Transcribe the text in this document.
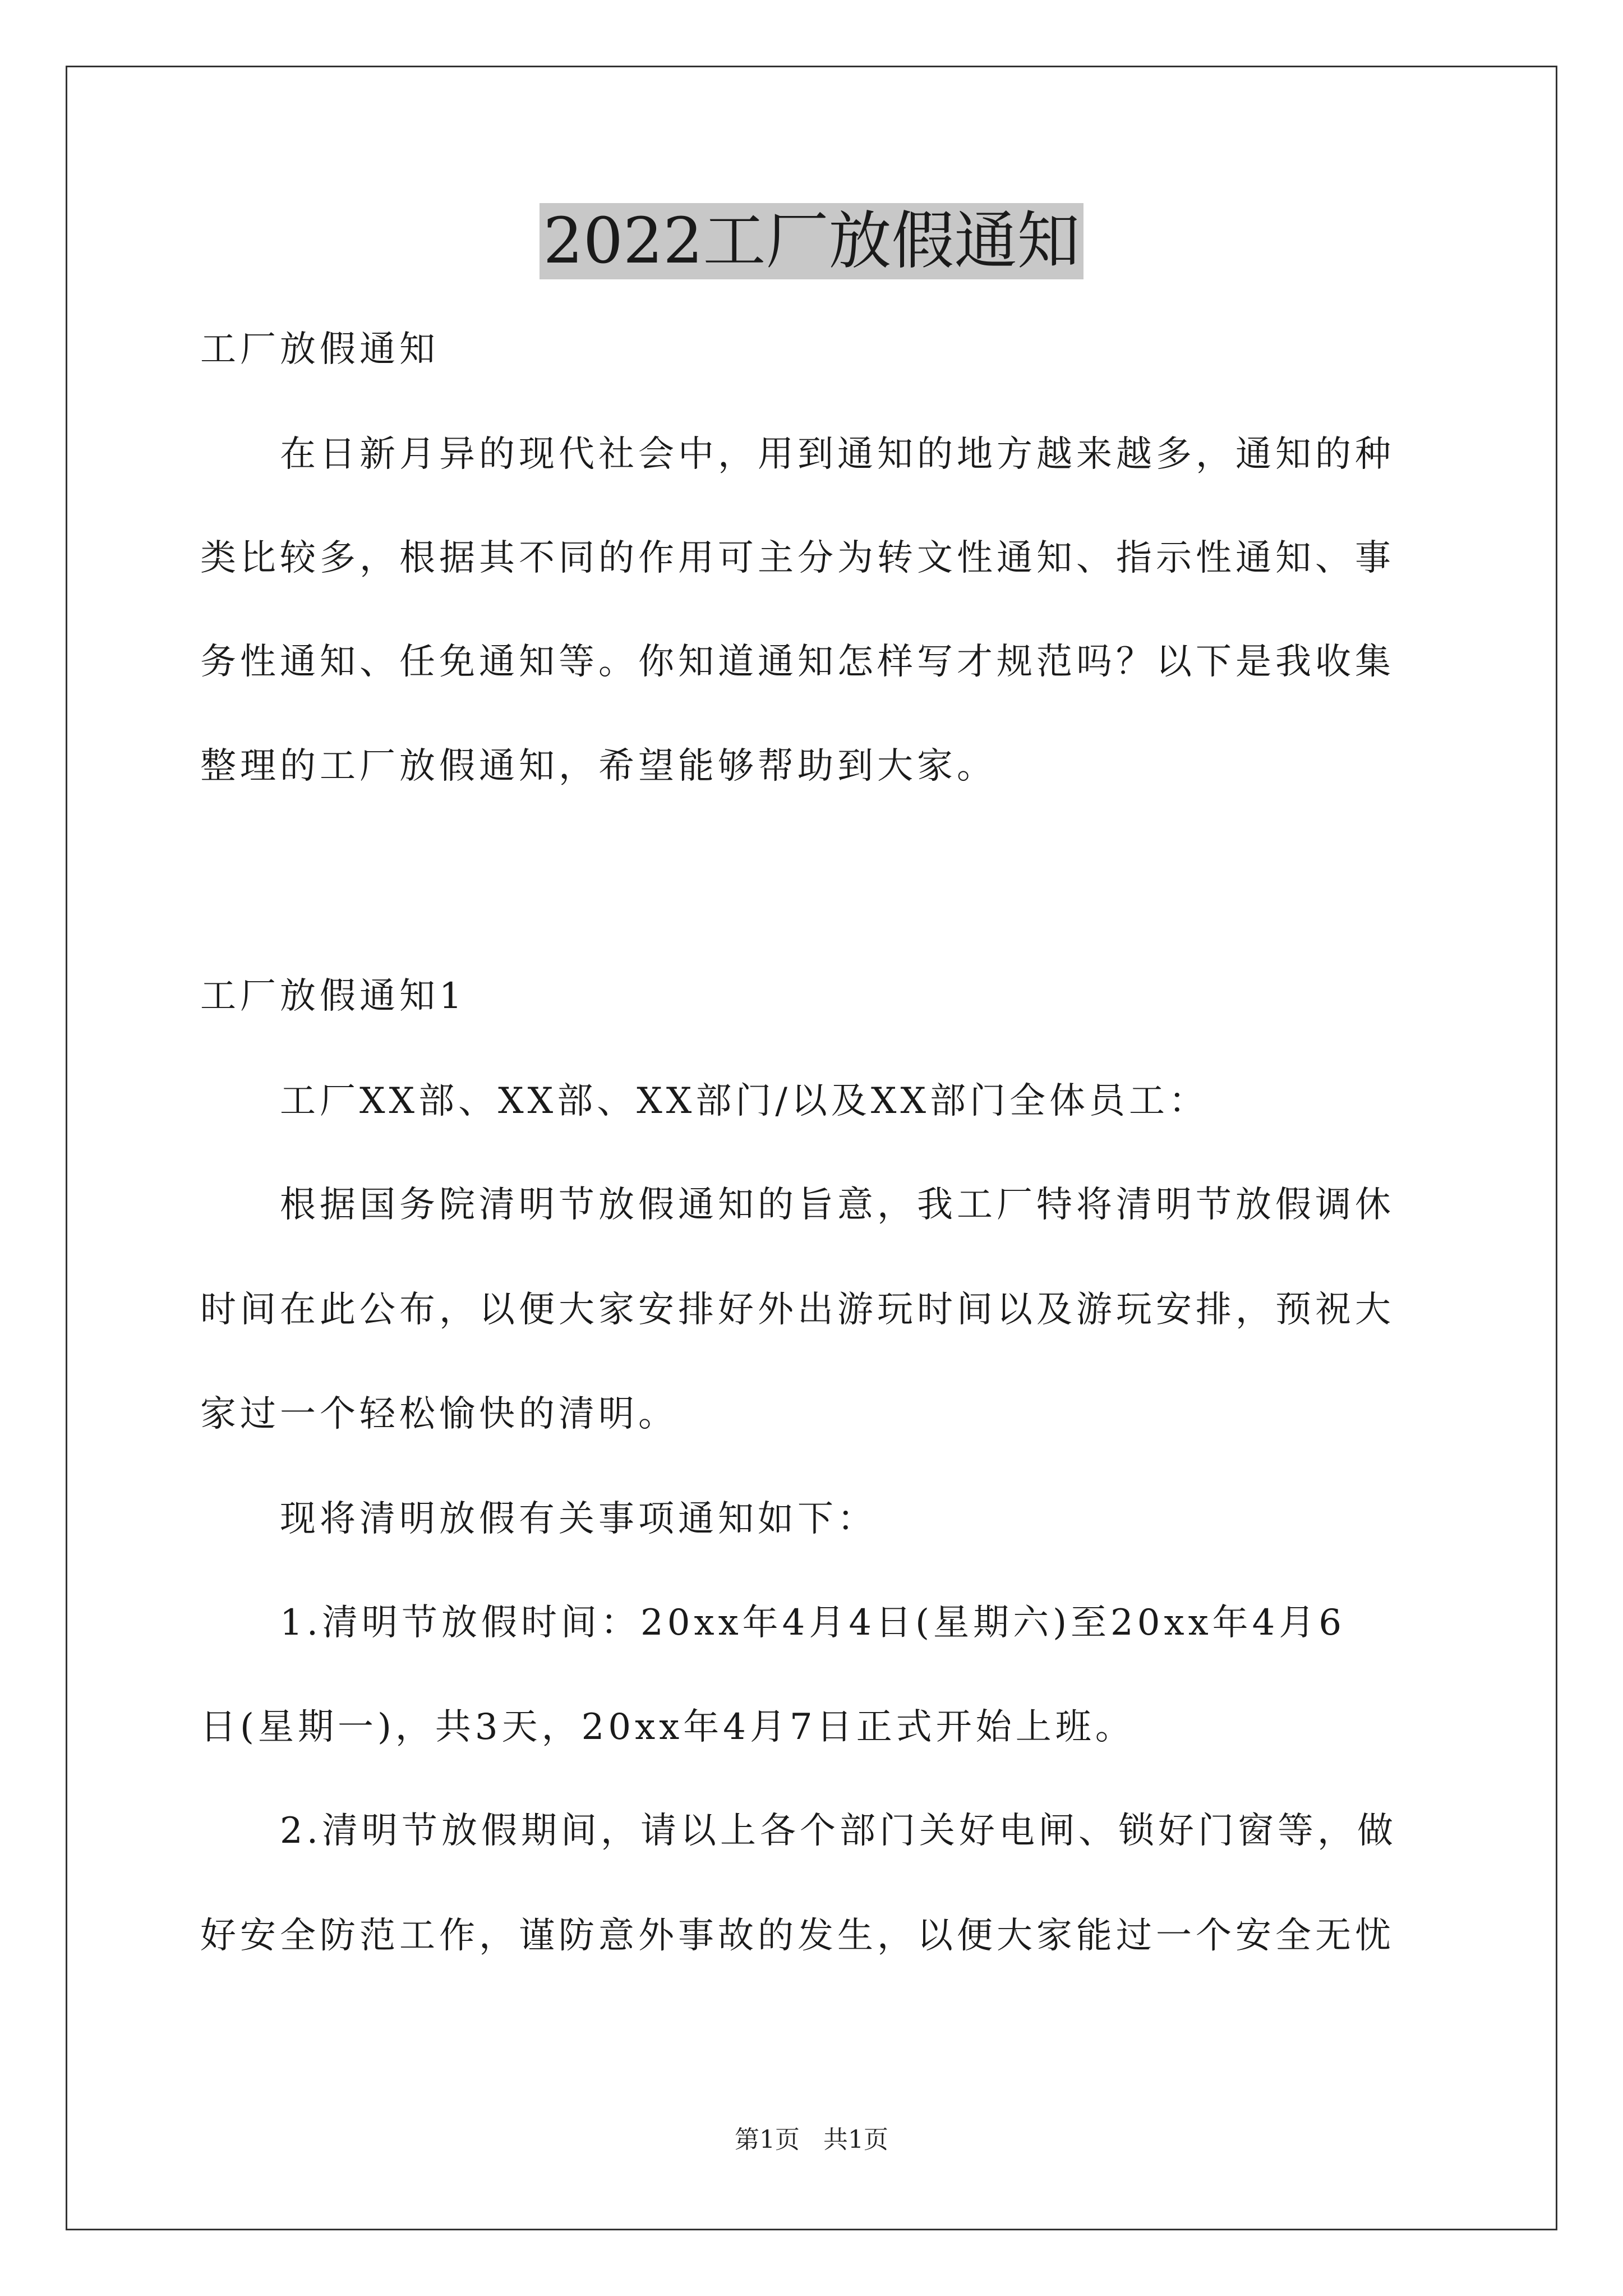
2022工厂放假通知
工厂放假通知
在日新月异的现代社会中，用到通知的地方越来越多，通知的种
类比较多，根据其不同的作用可主分为转文性通知、指示性通知、事
务性通知、任免通知等。你知道通知怎样写才规范吗？以下是我收集
整理的工厂放假通知，希望能够帮助到大家。
工厂放假通知1
工厂XX部、XX部、XX部门/以及XX部门全体员工：
根据国务院清明节放假通知的旨意，我工厂特将清明节放假调休
时间在此公布，以便大家安排好外出游玩时间以及游玩安排，预祝大
家过一个轻松愉快的清明。
现将清明放假有关事项通知如下：
1.清明节放假时间：20xx年4月4日(星期六)至20xx年4月6
日(星期一)，共3天，20xx年4月7日正式开始上班。
2.清明节放假期间，请以上各个部门关好电闸、锁好门窗等，做
好安全防范工作，谨防意外事故的发生，以便大家能过一个安全无忧
第1页 共1页
